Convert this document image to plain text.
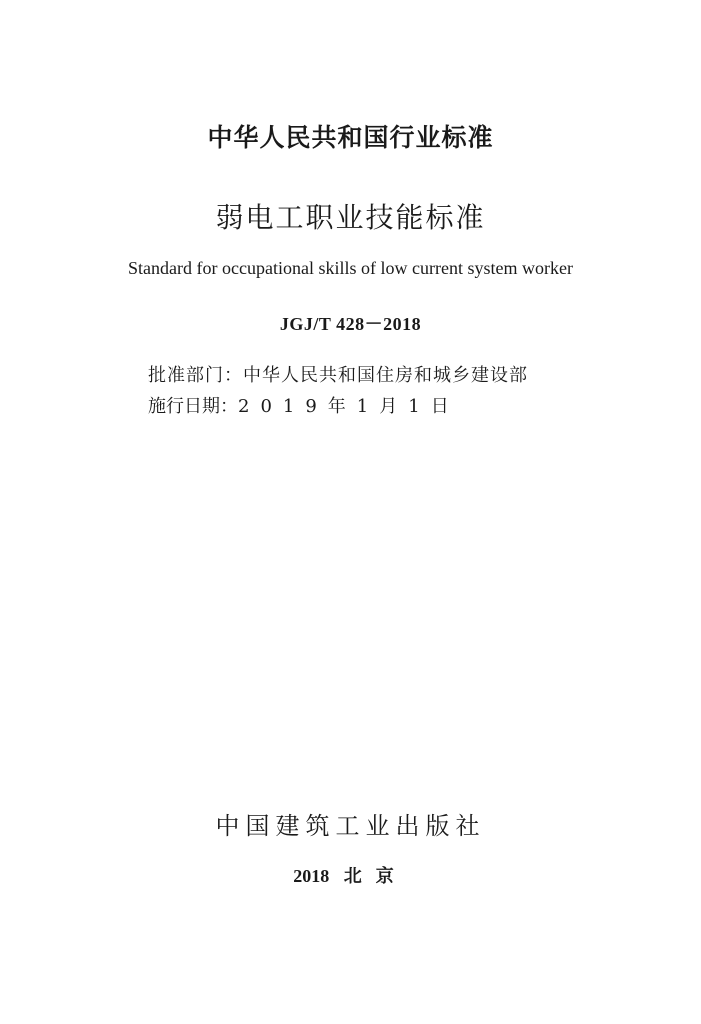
中华人民共和国行业标准
弱电工职业技能标准
Standard for occupational skills of low current system worker
JGJ/T 428－2018
批准部门：中华人民共和国住房和城乡建设部
施行日期：2019年1月1日
中国建筑工业出版社
2018 北京
